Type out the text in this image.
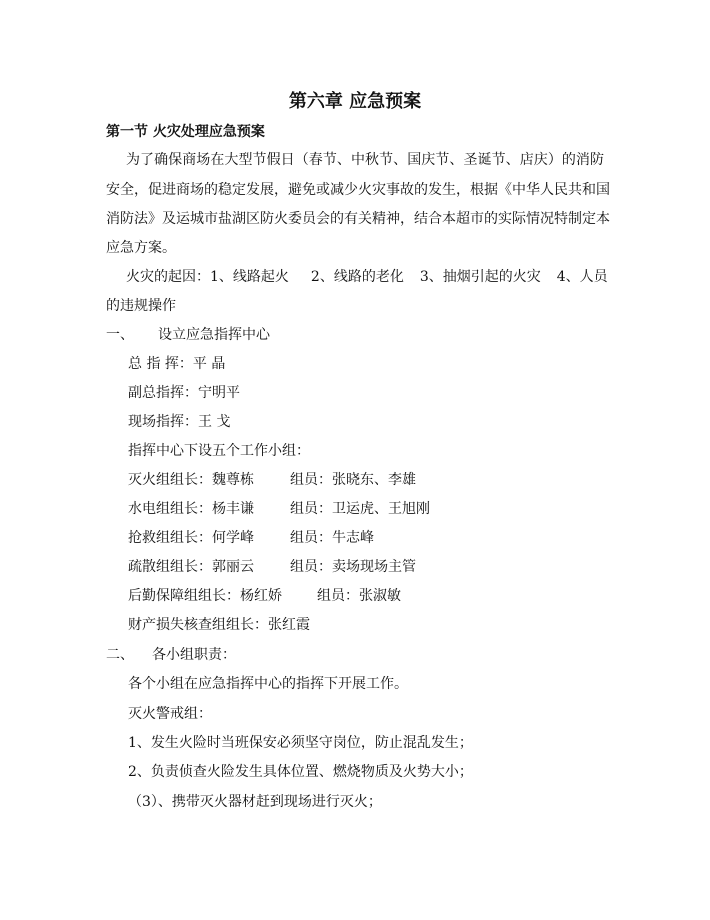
第六章 应急预案
第一节 火灾处理应急预案
为了确保商场在大型节假日（春节、中秋节、国庆节、圣诞节、店庆）的消防
安全，促进商场的稳定发展，避免或减少火灾事故的发生，根据《中华人民共和国
消防法》及运城市盐湖区防火委员会的有关精神，结合本超市的实际情况特制定本
应急方案。
火灾的起因：1、线路起火 2、线路的老化 3、抽烟引起的火灾 4、人员
的违规操作
一、 设立应急指挥中心
总 指 挥：平 晶
副总指挥：宁明平
现场指挥：王 戈
指挥中心下设五个工作小组：
灭火组组长：魏尊栋	组员：张晓东、李雄
水电组组长：杨丰谦	组员：卫运虎、王旭刚
抢救组组长：何学峰	组员：牛志峰
疏散组组长：郭丽云	组员：卖场现场主管
后勤保障组组长：杨红娇	组员：张淑敏
财产损失核查组组长：张红霞
二、 各小组职责：
各个小组在应急指挥中心的指挥下开展工作。
灭火警戒组：
1、发生火险时当班保安必须坚守岗位，防止混乱发生；
2、负责侦查火险发生具体位置、燃烧物质及火势大小；
（3）、携带灭火器材赶到现场进行灭火；
